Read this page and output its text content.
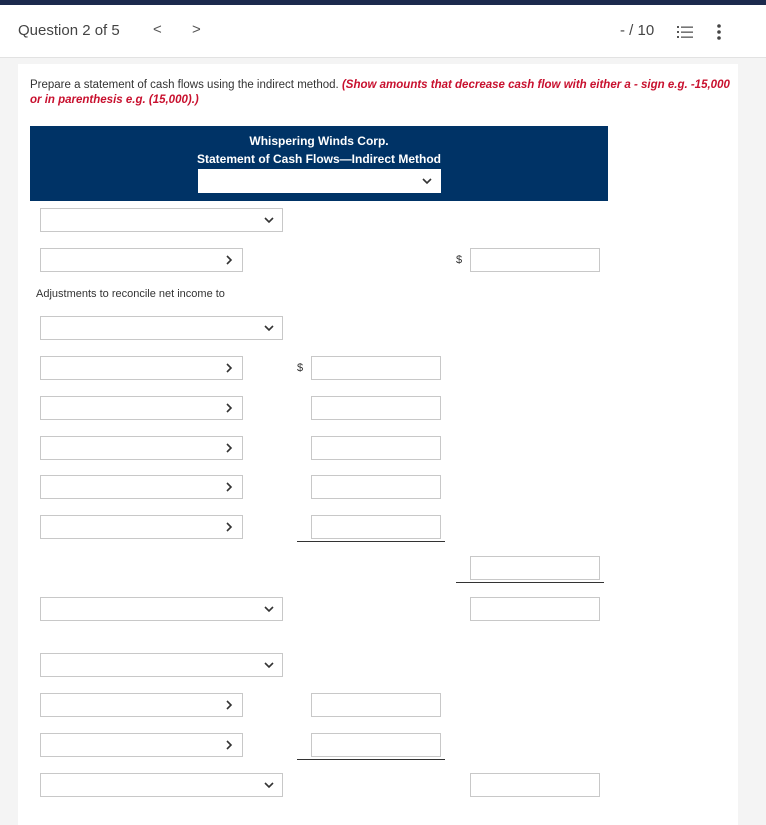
Question 2 of 5 < >	- / 10
Prepare a statement of cash flows using the indirect method. (Show amounts that decrease cash flow with either a - sign e.g. -15,000 or in parenthesis e.g. (15,000).)
Whispering Winds Corp.
Statement of Cash Flows—Indirect Method
$
Adjustments to reconcile net income to
$
